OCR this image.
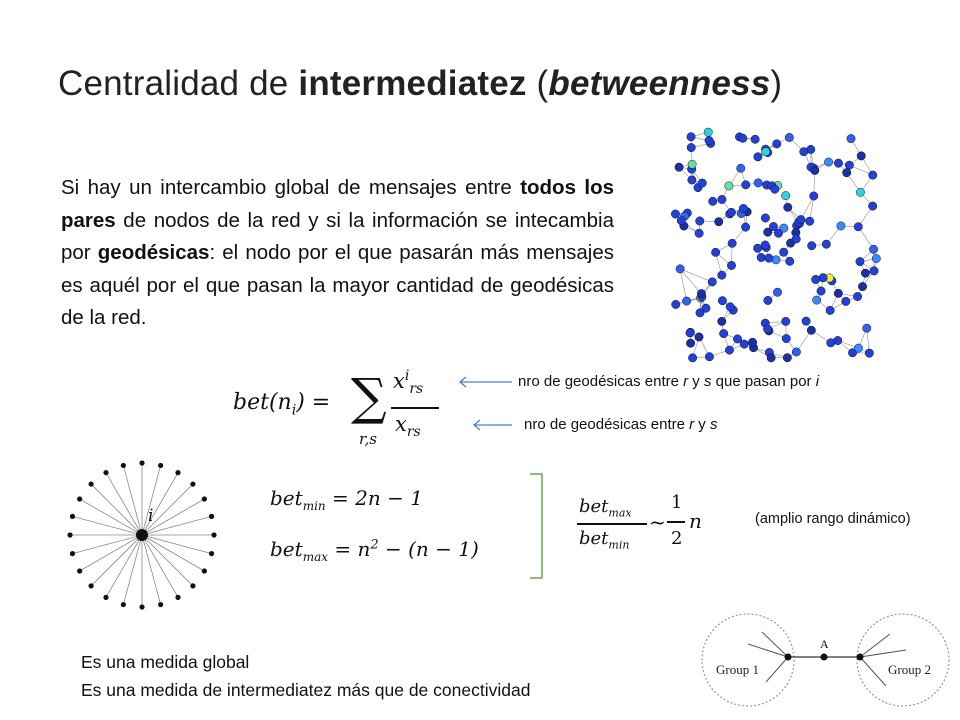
Centralidad de intermediatez (betweenness)
Si hay un intercambio global de mensajes entre todos los pares de nodos de la red y si la información se intecambia por geodésicas: el nodo por el que pasarán más mensajes es aquél por el que pasan la mayor cantidad de geodésicas de la red.
$bet(n_i)$ = ∑
r,s
$x^i_{rs}$
$x_{rs}$
nro de geodésicas entre r y s que pasan por i
nro de geodésicas entre r y s
i
bet$_{min}$ = 2n − 1
$bet_{max} = n^2 - (n - 1)$
bet$_{max}$
bet$_{min}$
~
1
2
n	(amplio rango dinámico)
Es una medida global
Es una medida de intermediatez más que de conectividad
A
Group 1	Group 2
